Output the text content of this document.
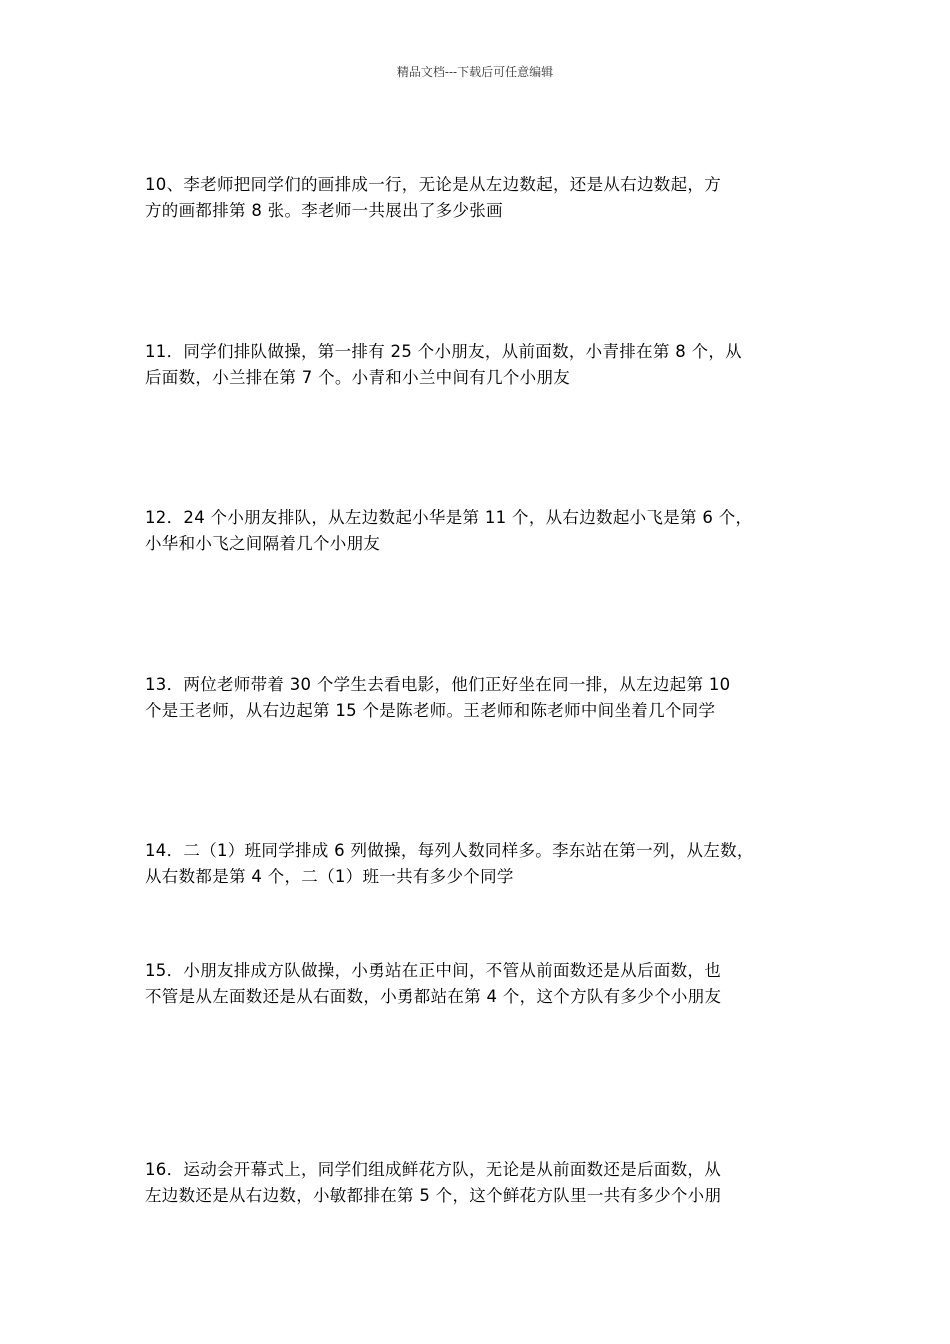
精品文档---下载后可任意编辑
10、李老师把同学们的画排成一行，无论是从左边数起，还是从右边数起，方
方的画都排第 8 张。李老师一共展出了多少张画
11．同学们排队做操，第一排有 25 个小朋友，从前面数，小青排在第 8 个，从
后面数，小兰排在第 7 个。小青和小兰中间有几个小朋友
12．24 个小朋友排队，从左边数起小华是第 11 个，从右边数起小飞是第 6 个，
小华和小飞之间隔着几个小朋友
13．两位老师带着 30 个学生去看电影，他们正好坐在同一排，从左边起第 10
个是王老师，从右边起第 15 个是陈老师。王老师和陈老师中间坐着几个同学
14．二（1）班同学排成 6 列做操，每列人数同样多。李东站在第一列，从左数，
从右数都是第 4 个，二（1）班一共有多少个同学
15．小朋友排成方队做操，小勇站在正中间，不管从前面数还是从后面数，也
不管是从左面数还是从右面数，小勇都站在第 4 个，这个方队有多少个小朋友
16．运动会开幕式上，同学们组成鲜花方队，无论是从前面数还是后面数，从
左边数还是从右边数，小敏都排在第 5 个，这个鲜花方队里一共有多少个小朋
